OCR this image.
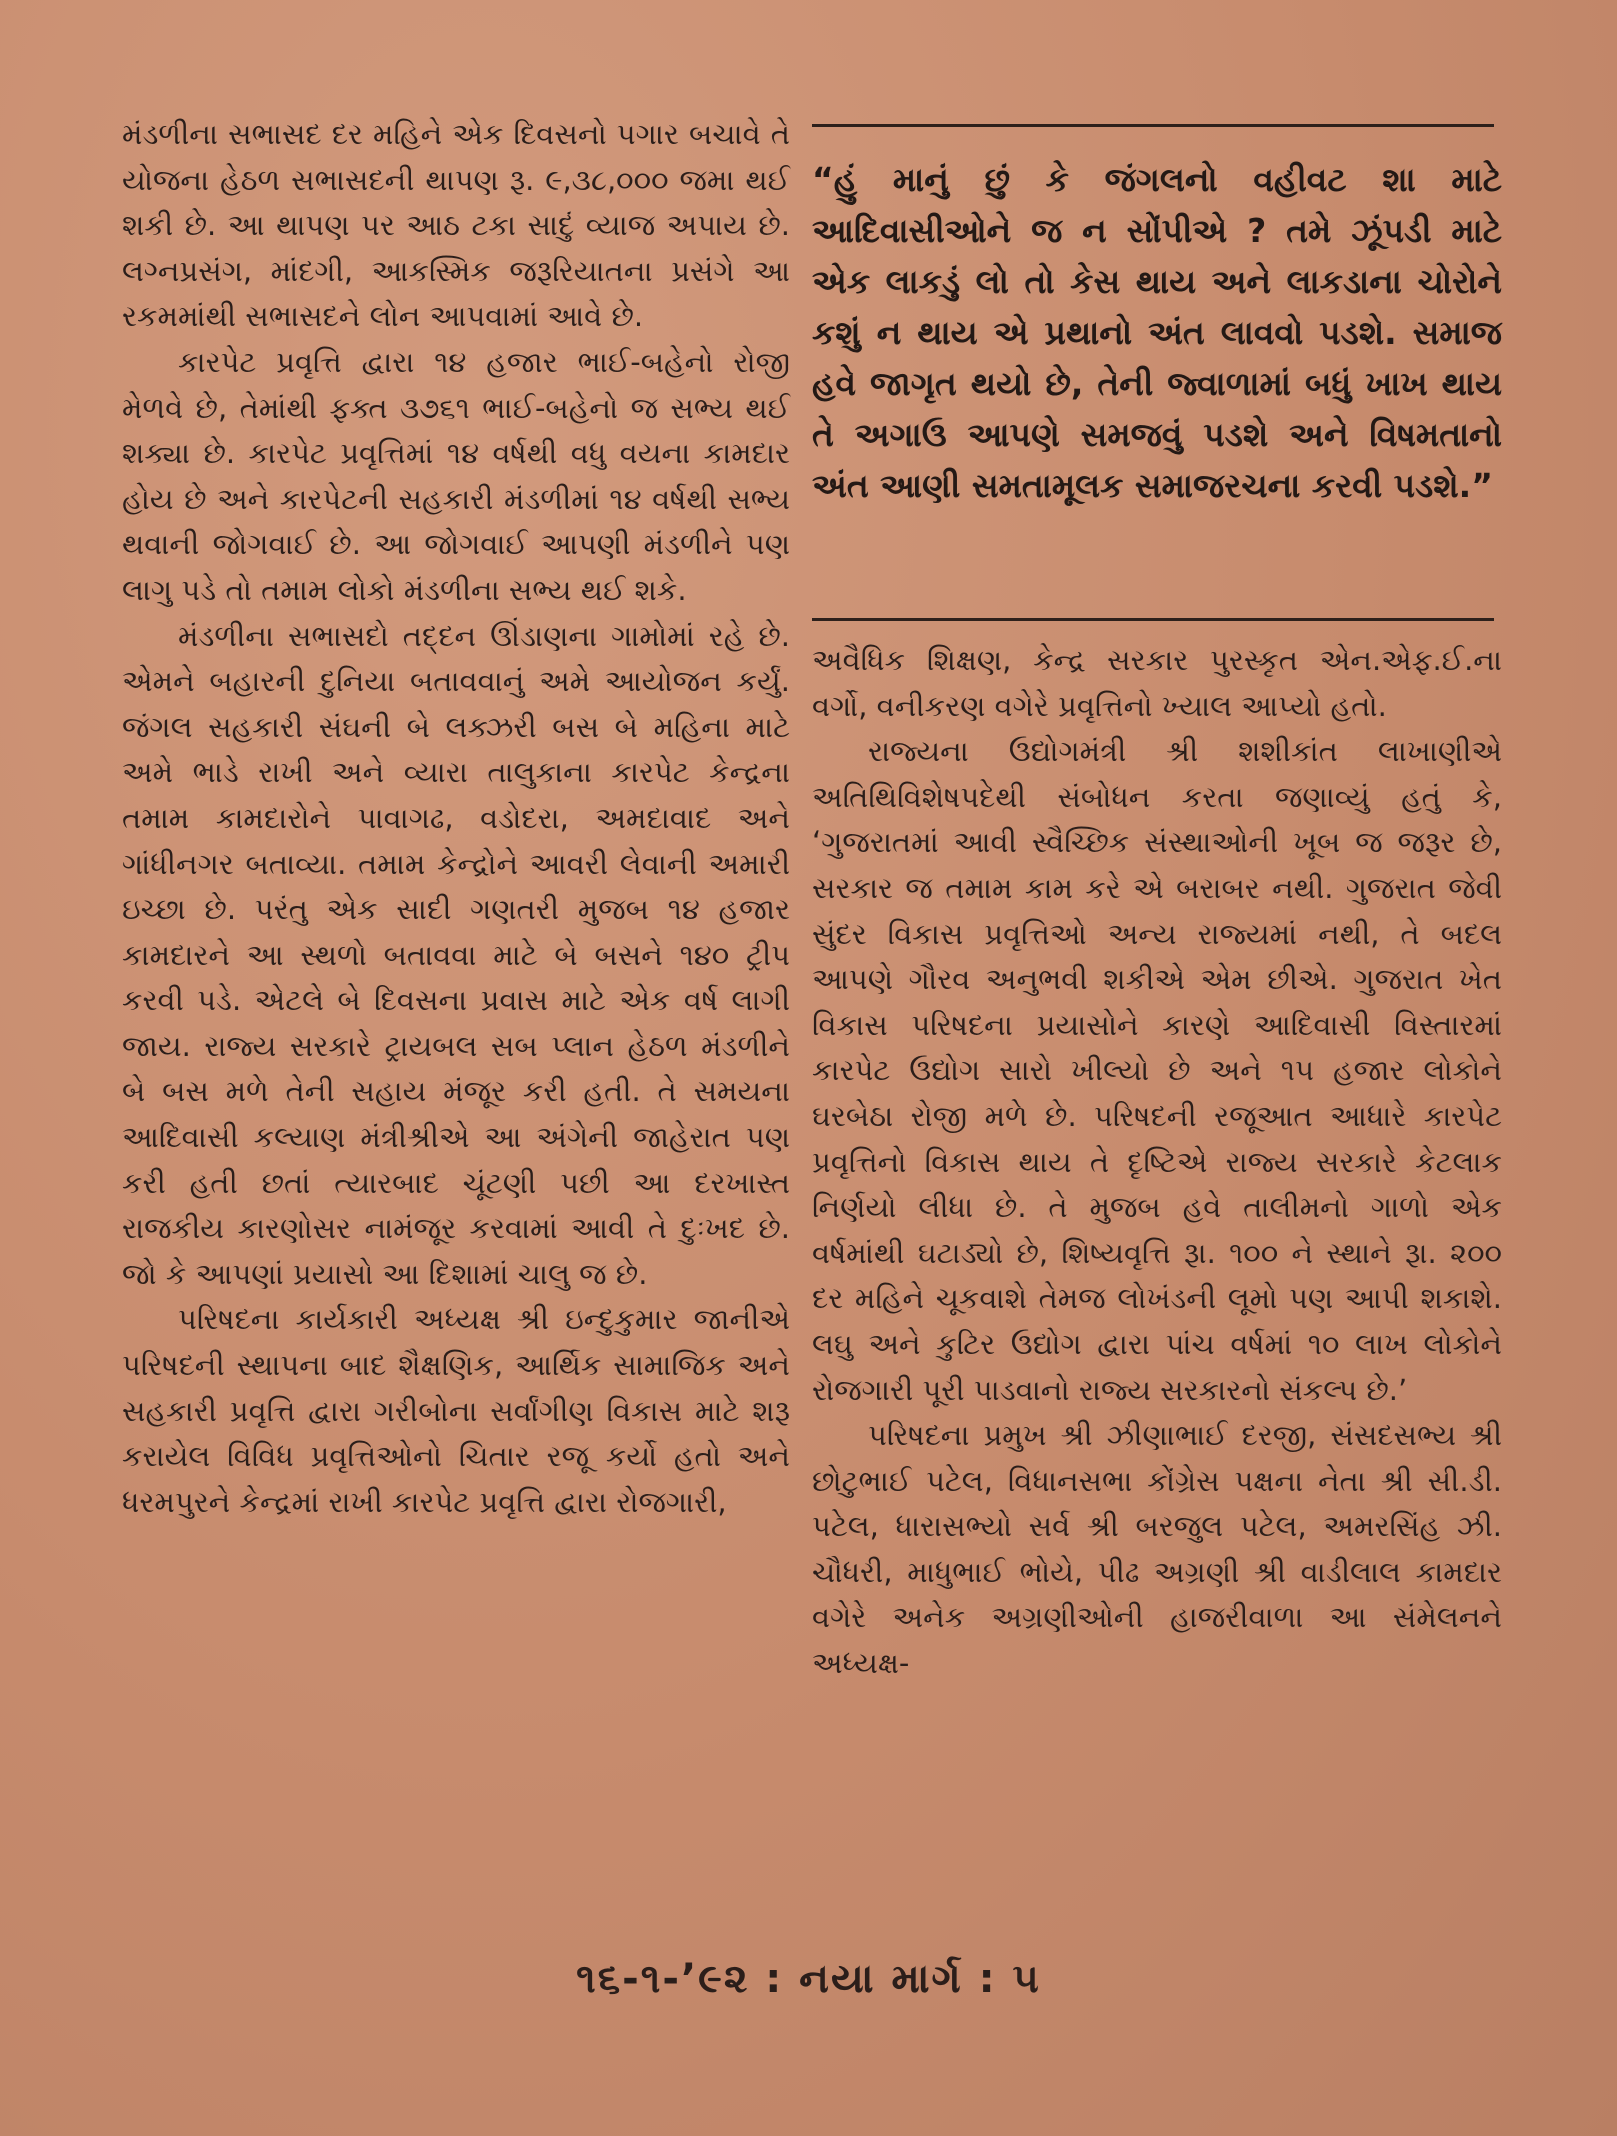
મંડળીના સભાસદ દર મહિને એક દિવસનો પગાર બચાવે તે યોજના હેઠળ સભાસદની થાપણ રૂ. ૯,૩૮,૦૦૦ જમા થઈ શકી છે. આ થાપણ પર આઠ ટકા સાદું વ્યાજ અપાય છે. લગ્નપ્રસંગ, માંદગી, આકસ્મિક જરૂરિયાતના પ્રસંગે આ રકમમાંથી સભાસદને લોન આપવામાં આવે છે.

કારપેટ પ્રવૃત્તિ દ્વારા ૧૪ હજાર ભાઈ-બહેનો રોજી મેળવે છે, તેમાંથી ફક્ત ૩૭૬૧ ભાઈ-બહેનો જ સભ્ય થઈ શક્યા છે. કારપેટ પ્રવૃત્તિમાં ૧૪ વર્ષથી વધુ વયના કામદાર હોય છે અને કારપેટની સહકારી મંડળીમાં ૧૪ વર્ષથી સભ્ય થવાની જોગવાઈ છે. આ જોગવાઈ આપણી મંડળીને પણ લાગુ પડે તો તમામ લોકો મંડળીના સભ્ય થઈ શકે.

મંડળીના સભાસદો તદ્દન ઊંડાણના ગામોમાં રહે છે. એમને બહારની દુનિયા બતાવવાનું અમે આયોજન કર્યું. જંગલ સહકારી સંઘની બે લક્ઝરી બસ બે મહિના માટે અમે ભાડે રાખી અને વ્યારા તાલુકાના કારપેટ કેન્દ્રના તમામ કામદારોને પાવાગઢ, વડોદરા, અમદાવાદ અને ગાંધીનગર બતાવ્યા. તમામ કેન્દ્રોને આવરી લેવાની અમારી ઇચ્છા છે. પરંતુ એક સાદી ગણતરી મુજબ ૧૪ હજાર કામદારને આ સ્થળો બતાવવા માટે બે બસને ૧૪૦ ટ્રીપ કરવી પડે. એટલે બે દિવસના પ્રવાસ માટે એક વર્ષ લાગી જાય. રાજ્ય સરકારે ટ્રાયબલ સબ પ્લાન હેઠળ મંડળીને બે બસ મળે તેની સહાય મંજૂર કરી હતી. તે સમયના આદિવાસી કલ્યાણ મંત્રીશ્રીએ આ અંગેની જાહેરાત પણ કરી હતી છતાં ત્યારબાદ ચૂંટણી પછી આ દરખાસ્ત રાજકીય કારણોસર નામંજૂર કરવામાં આવી તે દુઃખદ છે. જો કે આપણાં પ્રયાસો આ દિશામાં ચાલુ જ છે.

પરિષદના કાર્યકારી અધ્યક્ષ શ્રી ઇન્દુકુમાર જાનીએ પરિષદની સ્થાપના બાદ શૈક્ષણિક, આર્થિક સામાજિક અને સહકારી પ્રવૃત્તિ દ્વારા ગરીબોના સર્વાંગીણ વિકાસ માટે શરૂ કરાયેલ વિવિધ પ્રવૃત્તિઓનો ચિતાર રજૂ કર્યો હતો અને ધરમપુરને કેન્દ્રમાં રાખી કારપેટ પ્રવૃત્તિ દ્વારા રોજગારી,

“હું માનું છું કે જંગલનો વહીવટ શા માટે આદિવાસીઓને જ ન સોંપીએ ? તમે ઝૂંપડી માટે એક લાકડું લો તો કેસ થાય અને લાકડાના ચોરોને કશું ન થાય એ પ્રથાનો અંત લાવવો પડશે. સમાજ હવે જાગૃત થયો છે, તેની જ્વાળામાં બધું ખાખ થાય તે અગાઉ આપણે સમજવું પડશે અને વિષમતાનો અંત આણી સમતામૂલક સમાજરચના કરવી પડશે.”

અવૈધિક શિક્ષણ, કેન્દ્ર સરકાર પુરસ્કૃત એન.એફ.ઈ.ના વર્ગો, વનીકરણ વગેરે પ્રવૃત્તિનો ખ્યાલ આપ્યો હતો.

રાજ્યના ઉદ્યોગમંત્રી શ્રી શશીકાંત લાખાણીએ અતિથિવિશેષપદેથી સંબોધન કરતા જણાવ્યું હતું કે, ‘ગુજરાતમાં આવી સ્વૈચ્છિક સંસ્થાઓની ખૂબ જ જરૂર છે, સરકાર જ તમામ કામ કરે એ બરાબર નથી. ગુજરાત જેવી સુંદર વિકાસ પ્રવૃત્તિઓ અન્ય રાજ્યમાં નથી, તે બદલ આપણે ગૌરવ અનુભવી શકીએ એમ છીએ. ગુજરાત ખેત વિકાસ પરિષદના પ્રયાસોને કારણે આદિવાસી વિસ્તારમાં કારપેટ ઉદ્યોગ સારો ખીલ્યો છે અને ૧૫ હજાર લોકોને ઘરબેઠા રોજી મળે છે. પરિષદની રજૂઆત આધારે કારપેટ પ્રવૃત્તિનો વિકાસ થાય તે દૃષ્ટિએ રાજ્ય સરકારે કેટલાક નિર્ણયો લીધા છે. તે મુજબ હવે તાલીમનો ગાળો એક વર્ષમાંથી ઘટાડ્યો છે, શિષ્યવૃત્તિ રૂા. ૧૦૦ ને સ્થાને રૂા. ૨૦૦ દર મહિને ચૂકવાશે તેમજ લોખંડની લૂમો પણ આપી શકાશે. લઘુ અને કુટિર ઉદ્યોગ દ્વારા પાંચ વર્ષમાં ૧૦ લાખ લોકોને રોજગારી પૂરી પાડવાનો રાજ્ય સરકારનો સંકલ્પ છે.’

પરિષદના પ્રમુખ શ્રી ઝીણાભાઈ દરજી, સંસદસભ્ય શ્રી છોટુભાઈ પટેલ, વિધાનસભા કોંગ્રેસ પક્ષના નેતા શ્રી સી.ડી. પટેલ, ધારાસભ્યો સર્વ શ્રી બરજુલ પટેલ, અમરસિંહ ઝી. ચૌધરી, માધુભાઈ ભોયે, પીઢ અગ્રણી શ્રી વાડીલાલ કામદાર વગેરે અનેક અગ્રણીઓની હાજરીવાળા આ સંમેલનને અધ્યક્ષ-

૧૬-૧-’૯૨ : નયા માર્ગ : ૫
